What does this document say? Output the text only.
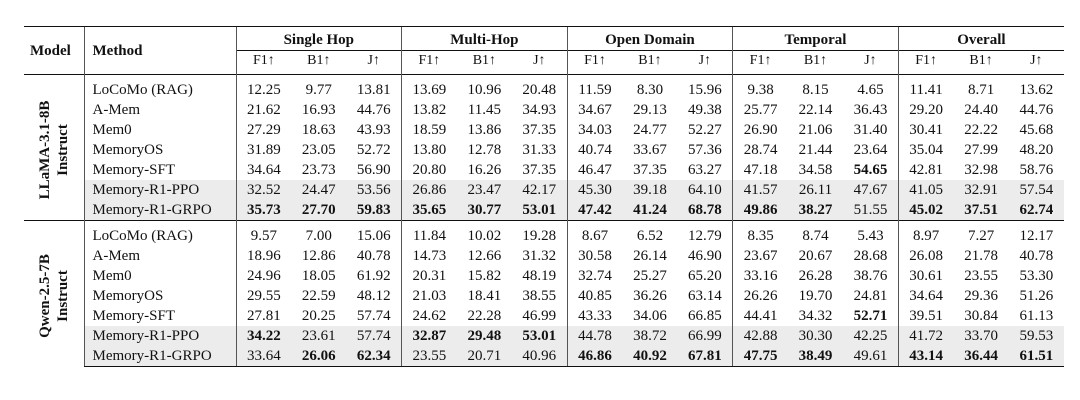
Model	Method	Single Hop			Multi-Hop			Open Domain			Temporal			Overall		
		F1↑	B1↑	J↑	F1↑	B1↑	J↑	F1↑	B1↑	J↑	F1↑	B1↑	J↑	F1↑	B1↑	J↑

LLaMA-3.1-8B Instruct	LoCoMo (RAG)	12.25	9.77	13.81	13.69	10.96	20.48	11.59	8.30	15.96	9.38	8.15	4.65	11.41	8.71	13.62
	A-Mem	21.62	16.93	44.76	13.82	11.45	34.93	34.67	29.13	49.38	25.77	22.14	36.43	29.20	24.40	44.76
	Mem0	27.29	18.63	43.93	18.59	13.86	37.35	34.03	24.77	52.27	26.90	21.06	31.40	30.41	22.22	45.68
	MemoryOS	31.89	23.05	52.72	13.80	12.78	31.33	40.74	33.67	57.36	28.74	21.44	23.64	35.04	27.99	48.20
	Memory-SFT	34.64	23.73	56.90	20.80	16.26	37.35	46.47	37.35	63.27	47.18	34.58	54.65	42.81	32.98	58.76
	Memory-R1-PPO	32.52	24.47	53.56	26.86	23.47	42.17	45.30	39.18	64.10	41.57	26.11	47.67	41.05	32.91	57.54
	Memory-R1-GRPO	35.73	27.70	59.83	35.65	30.77	53.01	47.42	41.24	68.78	49.86	38.27	51.55	45.02	37.51	62.74

Qwen-2.5-7B Instruct	LoCoMo (RAG)	9.57	7.00	15.06	11.84	10.02	19.28	8.67	6.52	12.79	8.35	8.74	5.43	8.97	7.27	12.17
	A-Mem	18.96	12.86	40.78	14.73	12.66	31.32	30.58	26.14	46.90	23.67	20.67	28.68	26.08	21.78	40.78
	Mem0	24.96	18.05	61.92	20.31	15.82	48.19	32.74	25.27	65.20	33.16	26.28	38.76	30.61	23.55	53.30
	MemoryOS	29.55	22.59	48.12	21.03	18.41	38.55	40.85	36.26	63.14	26.26	19.70	24.81	34.64	29.36	51.26
	Memory-SFT	27.81	20.25	57.74	24.62	22.28	46.99	43.33	34.06	66.85	44.41	34.32	52.71	39.51	30.84	61.13
	Memory-R1-PPO	34.22	23.61	57.74	32.87	29.48	53.01	44.78	38.72	66.99	42.88	30.30	42.25	41.72	33.70	59.53
	Memory-R1-GRPO	33.64	26.06	62.34	23.55	20.71	40.96	46.86	40.92	67.81	47.75	38.49	49.61	43.14	36.44	61.51
